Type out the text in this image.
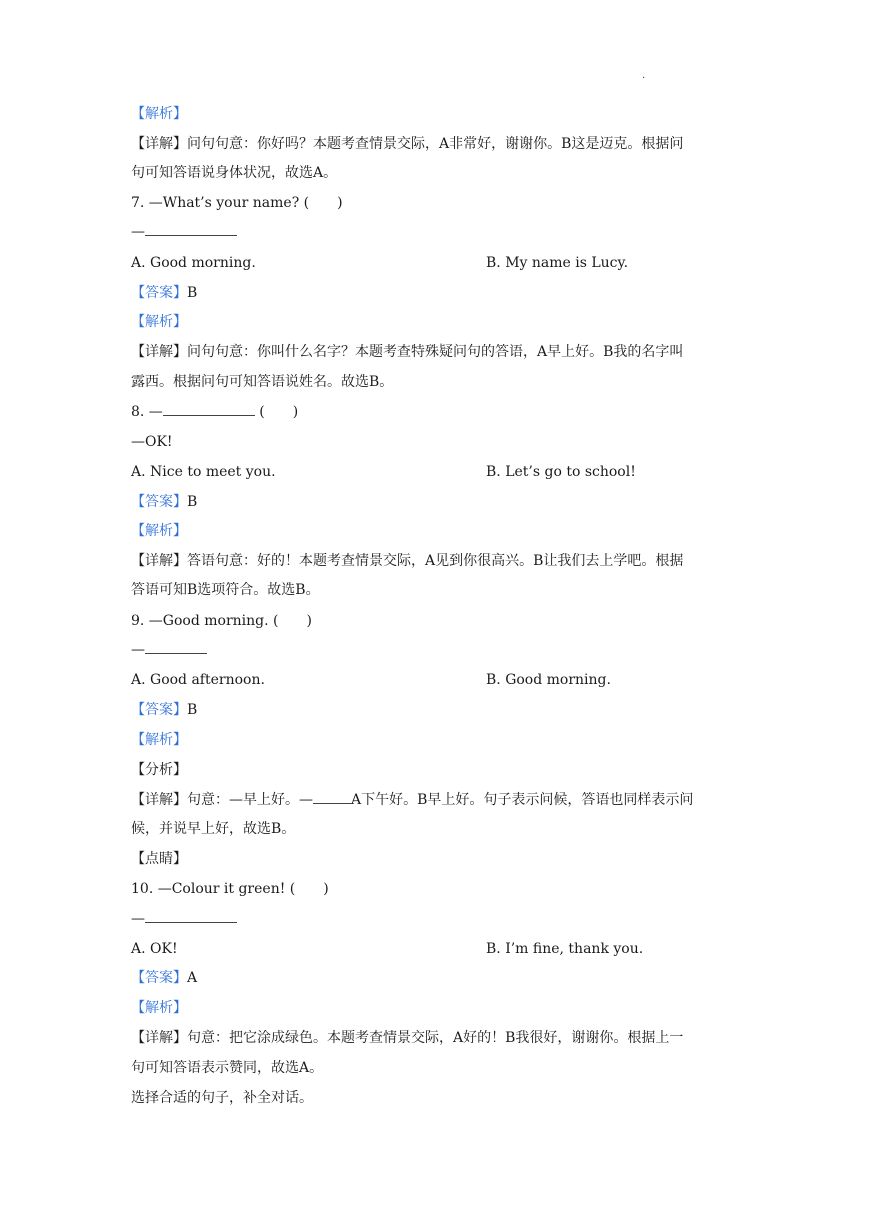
.
【解析】
【详解】问句句意：你好吗？本题考查情景交际，A非常好，谢谢你。B这是迈克。根据问
句可知答语说身体状况，故选A。
7. —What’s your name? (　　)
—
A. Good morning.	B. My name is Lucy.
【答案】B
【解析】
【详解】问句句意：你叫什么名字？本题考查特殊疑问句的答语，A早上好。B我的名字叫
露西。根据问句可知答语说姓名。故选B。
8. —	(　　)
—OK!
A. Nice to meet you.	B. Let’s go to school!
【答案】B
【解析】
【详解】答语句意：好的！本题考查情景交际，A见到你很高兴。B让我们去上学吧。根据
答语可知B选项符合。故选B。
9. —Good morning. (　　)
—
A. Good afternoon.	B. Good morning.
【答案】B
【解析】
【分析】
【详解】句意：—早上好。—	A下午好。B早上好。句子表示问候，答语也同样表示问
候，并说早上好，故选B。
【点睛】
10. —Colour it green! (　　)
—
A. OK!	B. I’m fine, thank you.
【答案】A
【解析】
【详解】句意：把它涂成绿色。本题考查情景交际，A好的！B我很好，谢谢你。根据上一
句可知答语表示赞同，故选A。
选择合适的句子，补全对话。
